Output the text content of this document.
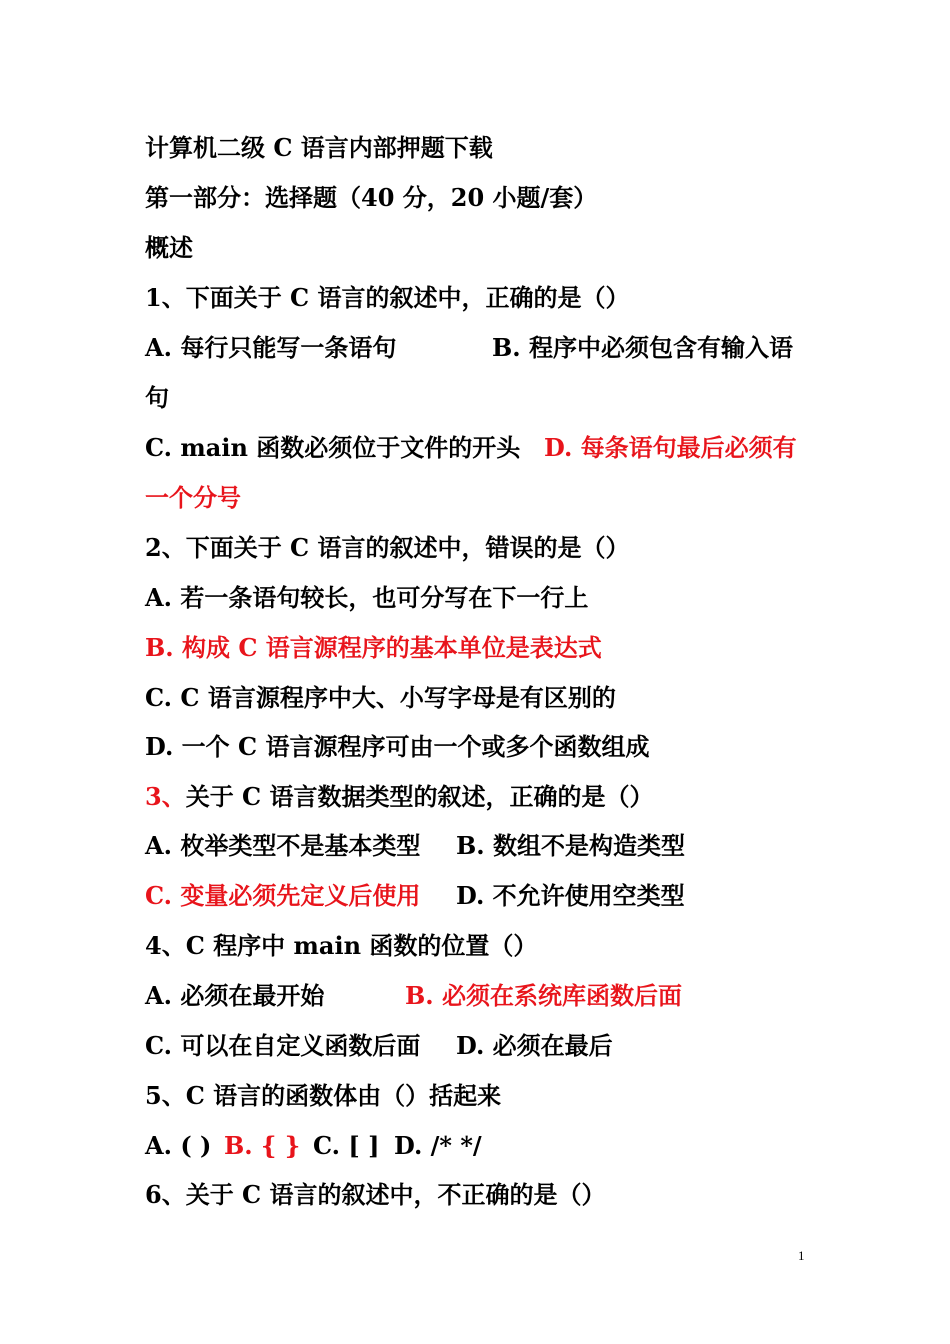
计算机二级 C 语言内部押题下载
第一部分：选择题（40 分，20 小题/套）
概述
1、下面关于 C 语言的叙述中，正确的是（）
A. 每行只能写一条语句	B. 程序中必须包含有输入语
句
C. main 函数必须位于文件的开头 D. 每条语句最后必须有
一个分号
2、下面关于 C 语言的叙述中，错误的是（）
A. 若一条语句较长，也可分写在下一行上
B. 构成 C 语言源程序的基本单位是表达式
C. C 语言源程序中大、小写字母是有区别的
D. 一个 C 语言源程序可由一个或多个函数组成
3、关于 C 语言数据类型的叙述，正确的是（）
A. 枚举类型不是基本类型 B. 数组不是构造类型
C. 变量必须先定义后使用 D. 不允许使用空类型
4、C 程序中 main 函数的位置（）
A. 必须在最开始	B. 必须在系统库函数后面
C. 可以在自定义函数后面 D. 必须在最后
5、C 语言的函数体由（）括起来
A. ( ) B. { } C. [ ] D. /* */
6、关于 C 语言的叙述中，不正确的是（）
1
